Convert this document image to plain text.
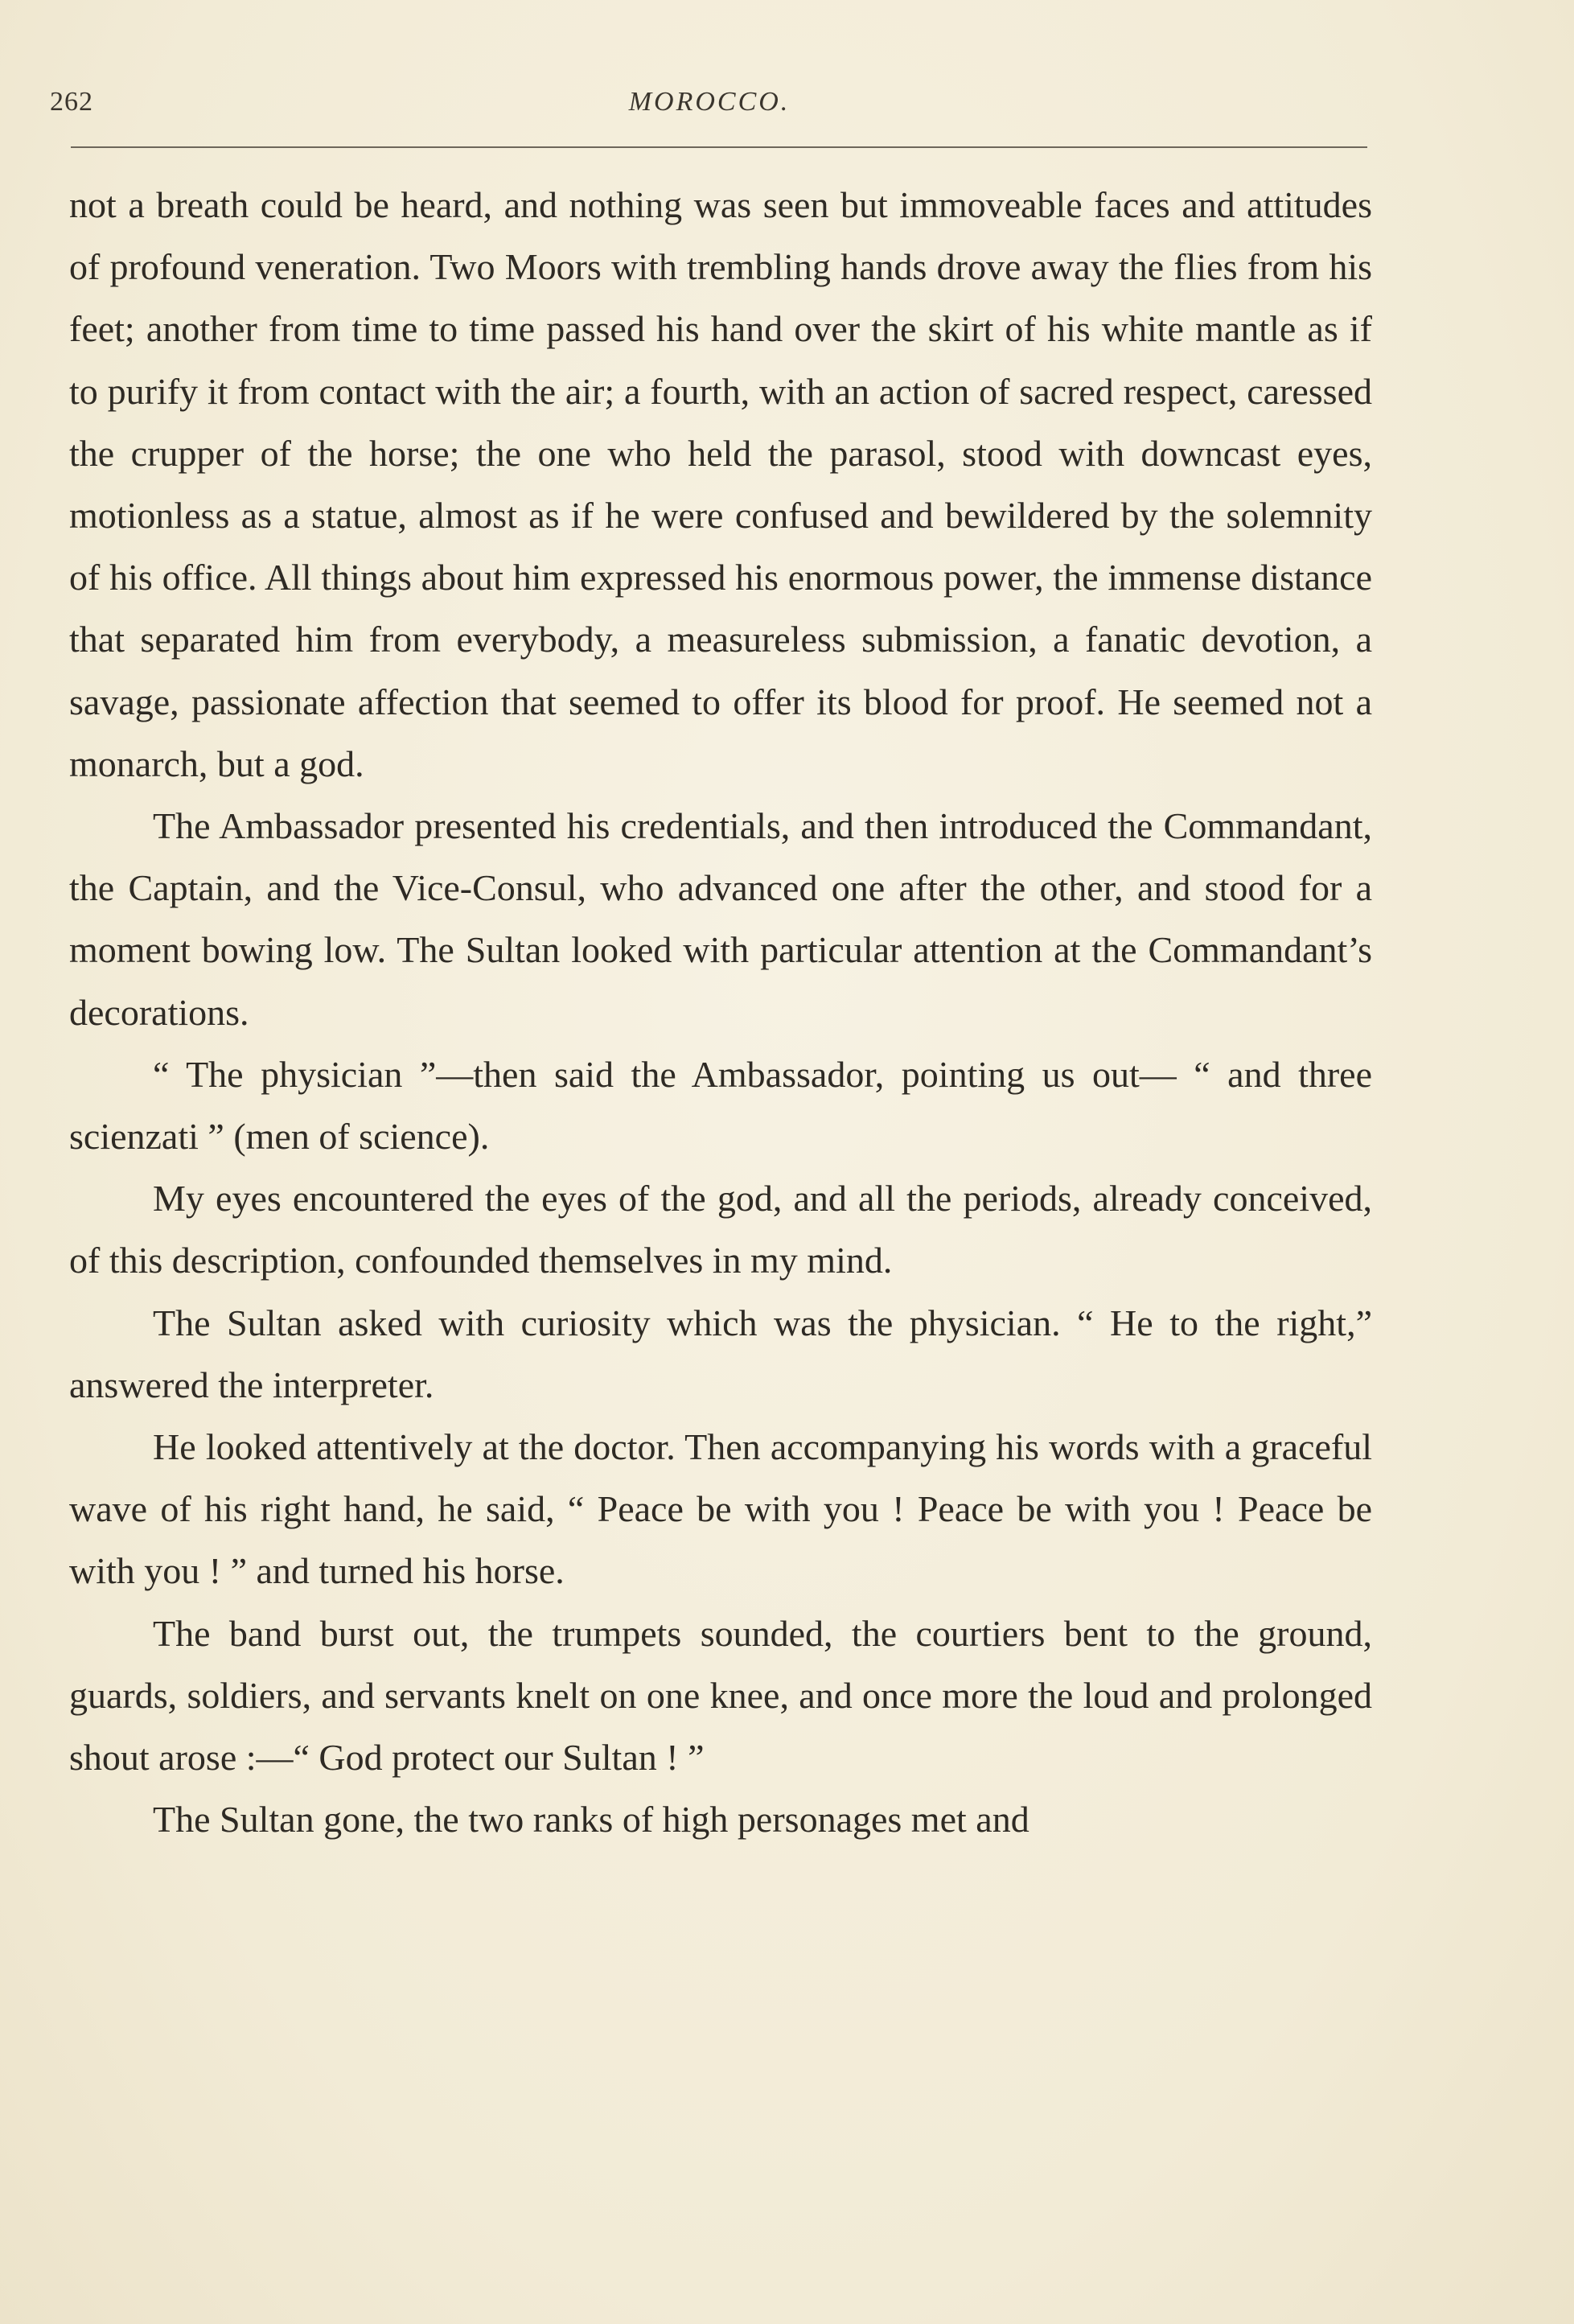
262	MOROCCO.

not a breath could be heard, and nothing was seen but immoveable faces and attitudes of profound veneration. Two Moors with trembling hands drove away the flies from his feet; another from time to time passed his hand over the skirt of his white mantle as if to purify it from contact with the air; a fourth, with an action of sacred respect, caressed the crupper of the horse; the one who held the parasol, stood with downcast eyes, motionless as a statue, almost as if he were confused and bewildered by the solemnity of his office. All things about him expressed his enormous power, the immense distance that separated him from everybody, a measureless submission, a fanatic devotion, a savage, passionate affection that seemed to offer its blood for proof. He seemed not a monarch, but a god.

The Ambassador presented his credentials, and then introduced the Commandant, the Captain, and the Vice-Consul, who advanced one after the other, and stood for a moment bowing low. The Sultan looked with particular attention at the Commandant’s decorations.

“ The physician ”—then said the Ambassador, pointing us out— “ and three scienzati ” (men of science).

My eyes encountered the eyes of the god, and all the periods, already conceived, of this description, confounded themselves in my mind.

The Sultan asked with curiosity which was the physician. “ He to the right,” answered the interpreter.

He looked attentively at the doctor. Then accompanying his words with a graceful wave of his right hand, he said, “ Peace be with you ! Peace be with you ! Peace be with you ! ” and turned his horse.

The band burst out, the trumpets sounded, the courtiers bent to the ground, guards, soldiers, and servants knelt on one knee, and once more the loud and prolonged shout arose :—“ God protect our Sultan ! ”

The Sultan gone, the two ranks of high personages met and
